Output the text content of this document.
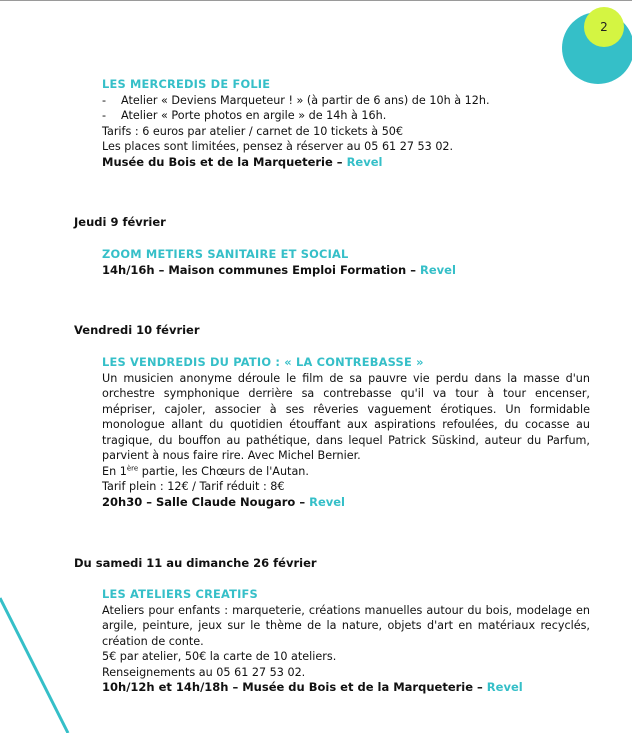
2
LES MERCREDIS DE FOLIE
-	Atelier « Deviens Marqueteur ! » (à partir de 6 ans) de 10h à 12h.
-	Atelier « Porte photos en argile » de 14h à 16h.
Tarifs : 6 euros par atelier / carnet de 10 tickets à 50€
Les places sont limitées, pensez à réserver au 05 61 27 53 02.
Musée du Bois et de la Marqueterie – Revel
Jeudi 9 février
ZOOM METIERS SANITAIRE ET SOCIAL
14h/16h – Maison communes Emploi Formation – Revel
Vendredi 10 février
LES VENDREDIS DU PATIO : « LA CONTREBASSE »
Un musicien anonyme déroule le film de sa pauvre vie perdu dans la masse d'un orchestre symphonique derrière sa contrebasse qu'il va tour à tour encenser, mépriser, cajoler, associer à ses rêveries vaguement érotiques. Un formidable monologue allant du quotidien étouffant aux aspirations refoulées, du cocasse au tragique, du bouffon au pathétique, dans lequel Patrick Süskind, auteur du Parfum, parvient à nous faire rire. Avec Michel Bernier.
En 1ère partie, les Chœurs de l'Autan.
Tarif plein : 12€ / Tarif réduit : 8€
20h30 – Salle Claude Nougaro – Revel
Du samedi 11 au dimanche 26 février
LES ATELIERS CREATIFS
Ateliers pour enfants : marqueterie, créations manuelles autour du bois, modelage en argile, peinture, jeux sur le thème de la nature, objets d'art en matériaux recyclés, création de conte.
5€ par atelier, 50€ la carte de 10 ateliers.
Renseignements au 05 61 27 53 02.
10h/12h et 14h/18h – Musée du Bois et de la Marqueterie – Revel
